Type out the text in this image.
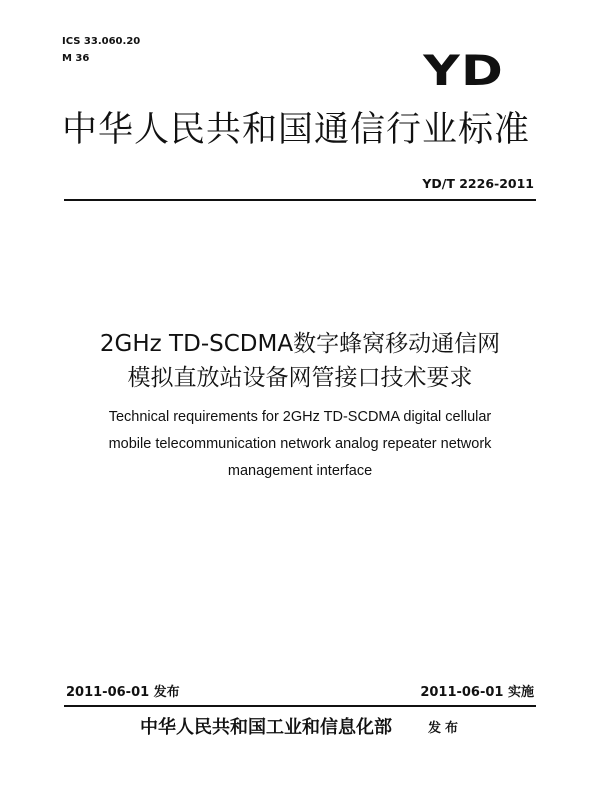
ICS 33.060.20
M 36	YD
中华人民共和国通信行业标准
YD/T 2226-2011
2GHz TD-SCDMA数字蜂窝移动通信网
模拟直放站设备网管接口技术要求
Technical requirements for 2GHz TD-SCDMA digital cellular
mobile telecommunication network analog repeater network
management interface
2011-06-01 发布	2011-06-01 实施
中华人民共和国工业和信息化部	发布
